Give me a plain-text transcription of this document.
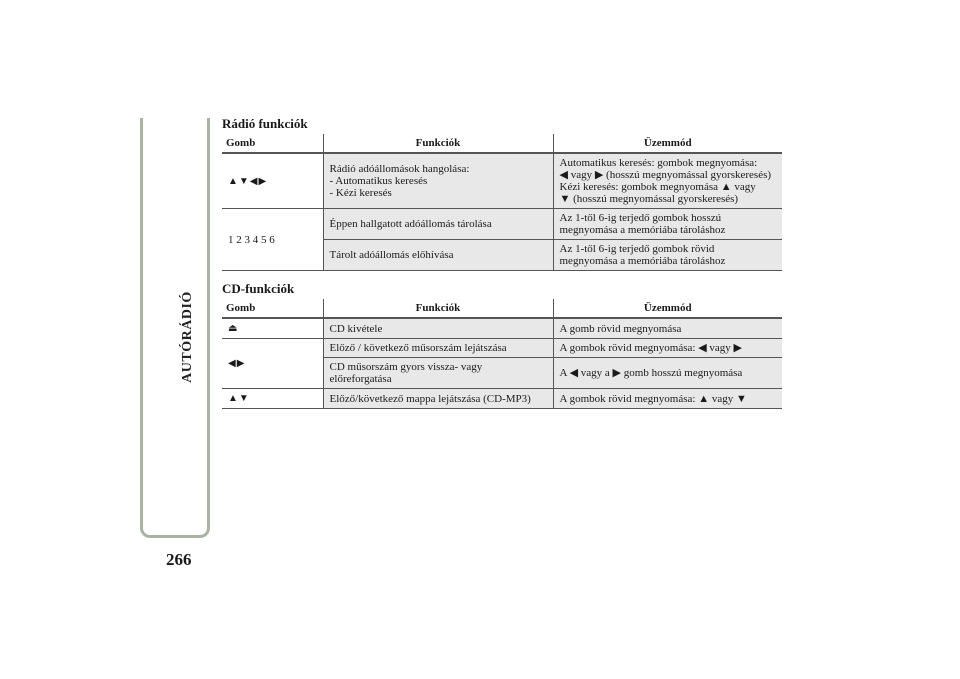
AUTÓRÁDIÓ
266
Rádió funkciók
Gomb	Funkciók	Üzemmód
▲▼◀▶	Rádió adóállomások hangolása:
- Automatikus keresés
- Kézi keresés	Automatikus keresés: gombok megnyomása:
◀ vagy ▶ (hosszú megnyomással gyorskeresés)
Kézi keresés: gombok megnyomása ▲ vagy
▼ (hosszú megnyomással gyorskeresés)

1 2 3 4 5 6	Éppen hallgatott adóállomás tárolása	Az 1-től 6-ig terjedő gombok hosszú
megnyomása a memóriába tároláshoz

	Tárolt adóállomás előhívása	Az 1-től 6-ig terjedő gombok rövid
megnyomása a memóriába tároláshoz
CD-funkciók
Gomb	Funkciók	Üzemmód
⏏	CD kivétele	A gomb rövid megnyomása

◀▶	Előző / következő műsorszám lejátszása	A gombok rövid megnyomása: ◀ vagy ▶

	CD műsorszám gyors vissza- vagy
előreforgatása	A ◀ vagy a ▶ gomb hosszú megnyomása

▲▼	Előző/következő mappa lejátszása (CD-MP3)	A gombok rövid megnyomása: ▲ vagy ▼
